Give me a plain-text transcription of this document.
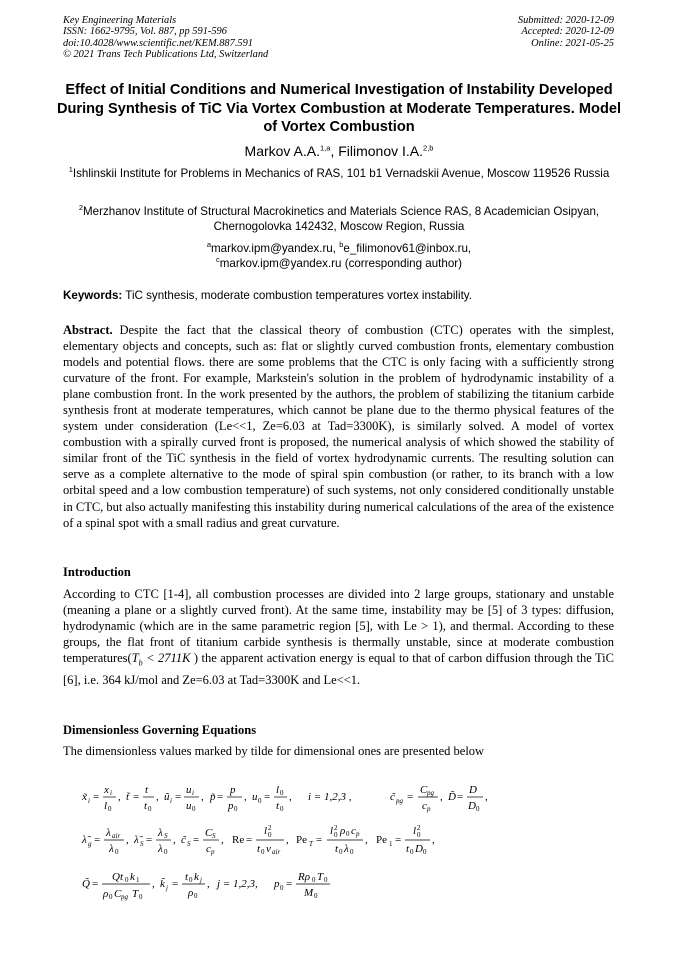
Key Engineering Materials
ISSN: 1662-9795, Vol. 887, pp 591-596
doi:10.4028/www.scientific.net/KEM.887.591
© 2021 Trans Tech Publications Ltd, Switzerland
Submitted: 2020-12-09
Accepted: 2020-12-09
Online: 2021-05-25
Effect of Initial Conditions and Numerical Investigation of Instability Developed During Synthesis of TiC Via Vortex Combustion at Moderate Temperatures. Model of Vortex Combustion
Markov A.A.$^{1,a}$, Filimonov I.A.$^{2,b}$
$^1$Ishlinskii Institute for Problems in Mechanics of RAS, 101 b1 Vernadskii Avenue, Moscow 119526 Russia
$^2$Merzhanov Institute of Structural Macrokinetics and Materials Science RAS, 8 Academician Osipyan, Chernogolovka 142432, Moscow Region, Russia
$^a$markov.ipm@yandex.ru, $^b$e_filimonov61@inbox.ru,
$^c$markov.ipm@yandex.ru (corresponding author)
Keywords: TiC synthesis, moderate combustion temperatures vortex instability.
Abstract. Despite the fact that the classical theory of combustion (CTC) operates with the simplest, elementary objects and concepts, such as: flat or slightly curved combustion fronts, elementary combustion models and potential flows. there are some problems that the CTC is only facing with a sufficiently strong curvature of the front. For example, Markstein's solution in the problem of hydrodynamic instability of a plane combustion front. In the work presented by the authors, the problem of stabilizing the titanium carbide synthesis front at moderate temperatures, which cannot be plane due to the thermo physical features of the system under consideration (Le<<1, Ze=6.03 at Tad=3300K), is similarly solved. A model of vortex combustion with a spirally curved front is proposed, the numerical analysis of which showed the stability of similar front of the TiC synthesis in the field of vortex hydrodynamic currents. The resulting solution can serve as a complete alternative to the mode of spiral spin combustion (or rather, to its branch with a low orbital speed and a low combustion temperature) of such systems, not only considered conditionally unstable in CTC, but also actually manifesting this instability during numerical calculations of the area of the existence of a spinal spot with a small radius and great curvature.
Introduction
According to CTC [1-4], all combustion processes are divided into 2 large groups, stationary and unstable (meaning a plane or a slightly curved front). At the same time, instability may be [5] of 3 types: diffusion, hydrodynamic (which are in the same parametric region [5], with Le > 1), and thermal. According to these groups, the flat front of titanium carbide synthesis is thermally unstable, since at moderate combustion $temperatures(T_b < 2711K$ ) the apparent activation energy is equal to that of carbon diffusion through the TiC [6], i.e. 364 kJ/mol and Ze=6.03 at Tad=3300K and Le<<1.
Dimensionless Governing Equations
The dimensionless values marked by tilde for dimensional ones are presented below
x̃ i =
x i
l 0
, t̃ =
t
t 0
, ũ i =
u i
u 0
, p̃ =
p
p 0
, u 0 =
l 0
t 0
, i = 1,2,3 ,	c̃ pg =
C pg
c p
, D̃ =
D
D 0
,
λ̃ g =
λ air
λ 0
, λ̃ S =
λ S
λ 0
, c̃ S =
C S
c p
, Re =
l 2
0
t 0 ν air
, Pe T =
l 2
0 ρ 0 c p
t 0 λ 0
, Pe 1 =
l 2
0
t 0 D 0
,
Q̃ =
Qt 0 k 1
ρ 0 C pg T 0
, k̃ j =
t 0 k j
ρ 0
, j = 1,2,3, p 0 =
Rρ 0 T 0
M 0
